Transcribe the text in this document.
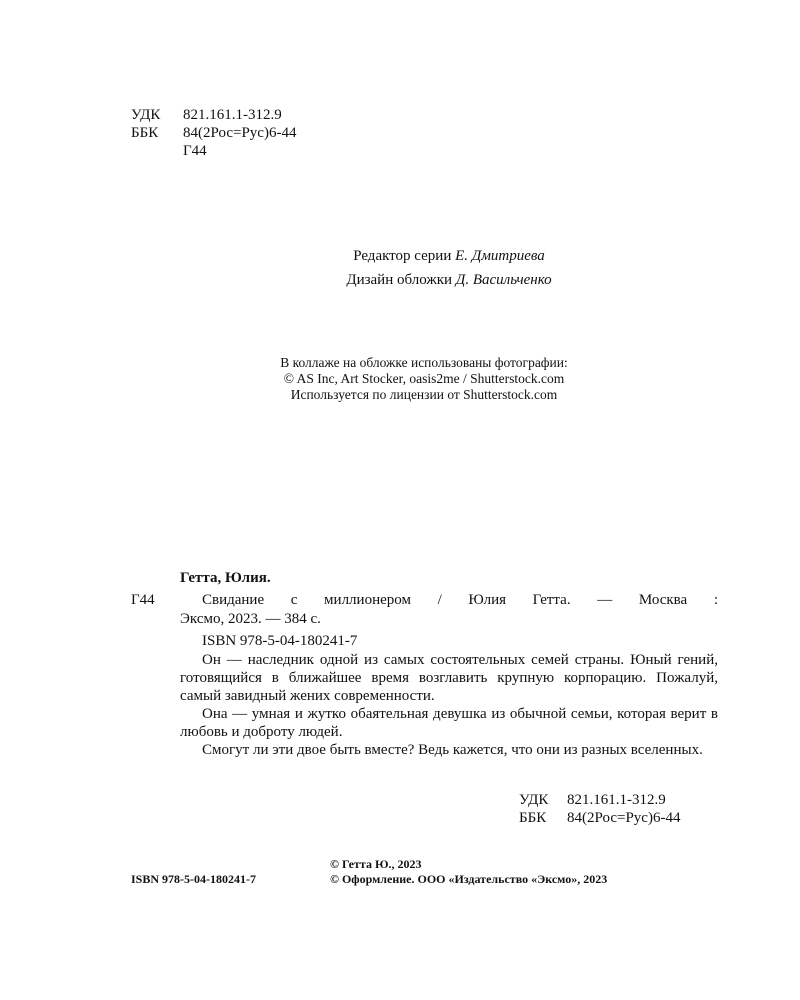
УДК	821.161.1-312.9
ББК	84(2Рос=Рус)6-44
Г44
Редактор серии Е. Дмитриева
Дизайн обложки Д. Васильченко
В коллаже на обложке использованы фотографии:
© AS Inc, Art Stocker, oasis2me / Shutterstock.com
Используется по лицензии от Shutterstock.com
Гетта, Юлия.
Г44	Свидание с миллионером / Юлия Гетта. — Москва :
Эксмо, 2023. — 384 с.
ISBN 978-5-04-180241-7

Он — наследник одной из самых состоятельных семей страны. Юный гений, готовящийся в ближайшее время возглавить крупную корпорацию. Пожалуй, самый завидный жених современности.

Она — умная и жутко обаятельная девушка из обычной семьи, которая верит в любовь и доброту людей.

Смогут ли эти двое быть вместе? Ведь кажется, что они из разных вселенных.

УДК	821.161.1-312.9
ББК	84(2Рос=Рус)6-44
© Гетта Ю., 2023
ISBN 978-5-04-180241-7	© Оформление. ООО «Издательство «Эксмо», 2023
